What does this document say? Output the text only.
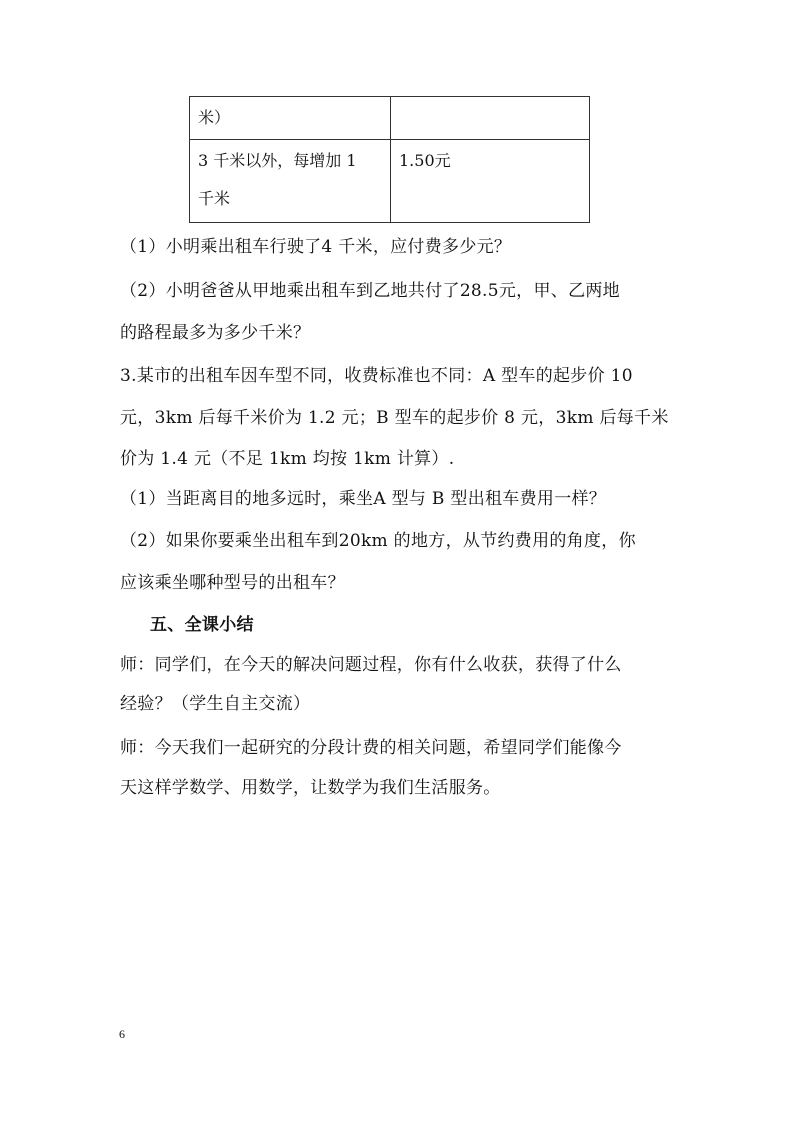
米）	

3 千米以外，每增加 1
千米	1.50元
（1）小明乘出租车行驶了4 千米，应付费多少元？
（2）小明爸爸从甲地乘出租车到乙地共付了28.5元，甲、乙两地
的路程最多为多少千米？
3.某市的出租车因车型不同，收费标准也不同：A 型车的起步价 10
元，3km 后每千米价为 1.2 元；B 型车的起步价 8 元，3km 后每千米
价为 1.4 元（不足 1km 均按 1km 计算）.
（1）当距离目的地多远时，乘坐A 型与 B 型出租车费用一样？
（2）如果你要乘坐出租车到20km 的地方，从节约费用的角度，你
应该乘坐哪种型号的出租车？
五、全课小结
师：同学们，在今天的解决问题过程，你有什么收获，获得了什么
经验？（学生自主交流）
师：今天我们一起研究的分段计费的相关问题，希望同学们能像今
天这样学数学、用数学，让数学为我们生活服务。
6
